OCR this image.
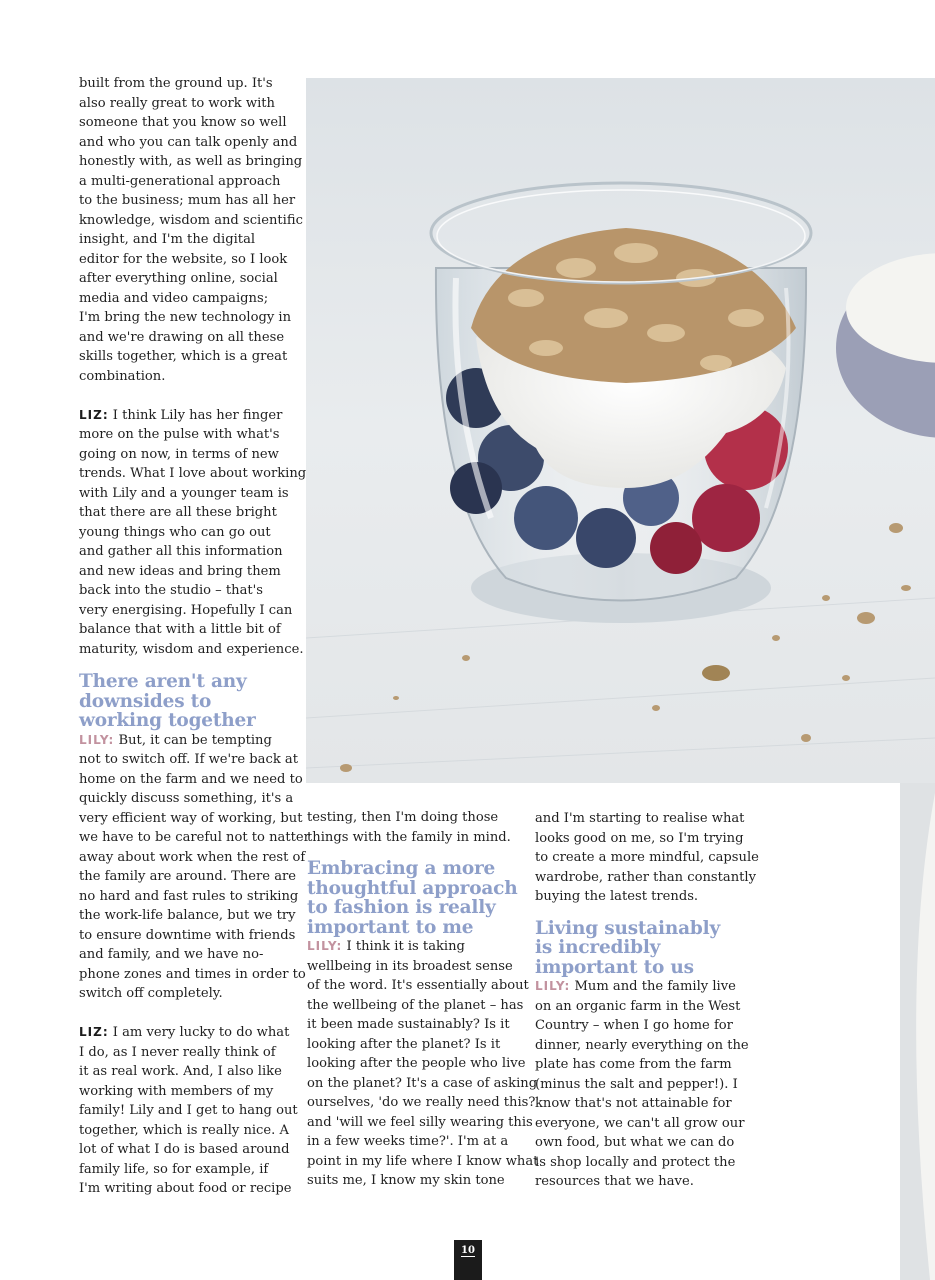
built from the ground up. It's
also really great to work with
someone that you know so well
and who you can talk openly and
honestly with, as well as bringing
a multi-generational approach
to the business; mum has all her
knowledge, wisdom and scientific
insight, and I'm the digital
editor for the website, so I look
after everything online, social
media and video campaigns;
I'm bring the new technology in
and we're drawing on all these
skills together, which is a great
combination.
LIZ: I think Lily has her finger
more on the pulse with what's
going on now, in terms of new
trends. What I love about working
with Lily and a younger team is
that there are all these bright
young things who can go out
and gather all this information
and new ideas and bring them
back into the studio – that's
very energising. Hopefully I can
balance that with a little bit of
maturity, wisdom and experience.
There aren't any
downsides to
working together
LILY: But, it can be tempting
not to switch off. If we're back at
home on the farm and we need to
quickly discuss something, it's a
very efficient way of working, but
we have to be careful not to natter
away about work when the rest of
the family are around. There are
no hard and fast rules to striking
the work-life balance, but we try
to ensure downtime with friends
and family, and we have no-
phone zones and times in order to
switch off completely.
LIZ: I am very lucky to do what
I do, as I never really think of
it as real work. And, I also like
working with members of my
family! Lily and I get to hang out
together, which is really nice. A
lot of what I do is based around
family life, so for example, if
I'm writing about food or recipe
testing, then I'm doing those
things with the family in mind.
Embracing a more
thoughtful approach
to fashion is really
important to me
LILY: I think it is taking
wellbeing in its broadest sense
of the word. It's essentially about
the wellbeing of the planet – has
it been made sustainably? Is it
looking after the planet? Is it
looking after the people who live
on the planet? It's a case of asking
ourselves, 'do we really need this?'
and 'will we feel silly wearing this
in a few weeks time?'. I'm at a
point in my life where I know what
suits me, I know my skin tone
and I'm starting to realise what
looks good on me, so I'm trying
to create a more mindful, capsule
wardrobe, rather than constantly
buying the latest trends.
Living sustainably
is incredibly
important to us
LILY: Mum and the family live
on an organic farm in the West
Country – when I go home for
dinner, nearly everything on the
plate has come from the farm
(minus the salt and pepper!). I
know that's not attainable for
everyone, we can't all grow our
own food, but what we can do
is shop locally and protect the
resources that we have.
10
